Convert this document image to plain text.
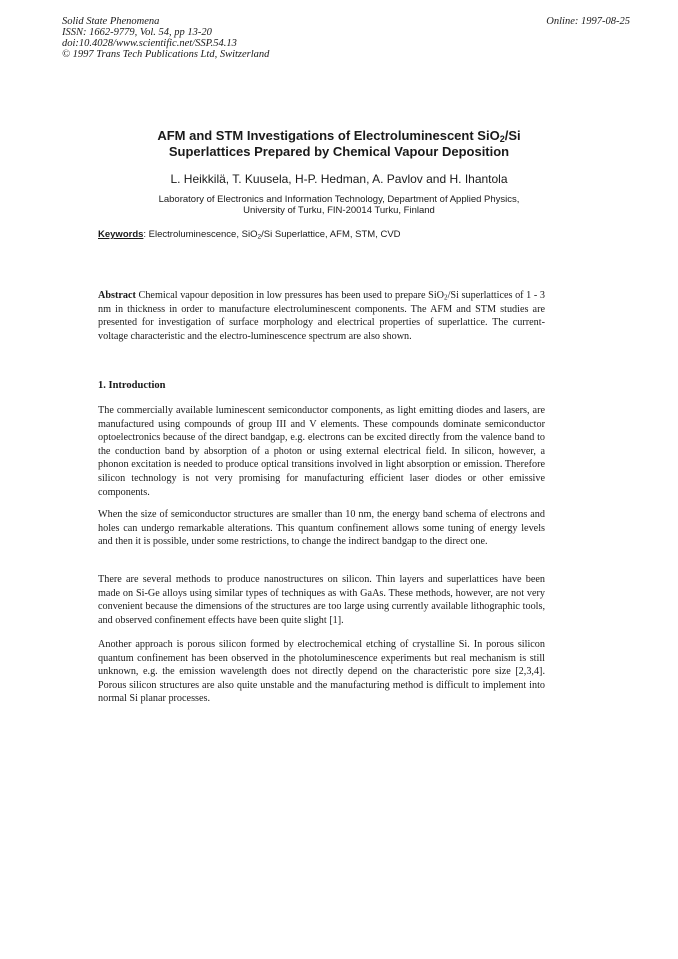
Solid State Phenomena
ISSN: 1662-9779, Vol. 54, pp 13-20
doi:10.4028/www.scientific.net/SSP.54.13
© 1997 Trans Tech Publications Ltd, Switzerland
Online: 1997-08-25
AFM and STM Investigations of Electroluminescent SiO$_2$/Si
Superlattices Prepared by Chemical Vapour Deposition
L. Heikkilä, T. Kuusela, H-P. Hedman, A. Pavlov and H. Ihantola
Laboratory of Electronics and Information Technology, Department of Applied Physics,
University of Turku, FIN-20014 Turku, Finland
Keywords: Electroluminescence, SiO$_2$/Si Superlattice, AFM, STM, CVD
Abstract Chemical vapour deposition in low pressures has been used to prepare SiO$_2$/Si superlattices of 1 - 3 nm in thickness in order to manufacture electroluminescent components. The AFM and STM studies are presented for investigation of surface morphology and electrical properties of superlattice. The current-voltage characteristic and the electro-luminescence spectrum are also shown.
1. Introduction
The commercially available luminescent semiconductor components, as light emitting diodes and lasers, are manufactured using compounds of group III and V elements. These compounds dominate semiconductor optoelectronics because of the direct bandgap, e.g. electrons can be excited directly from the valence band to the conduction band by absorption of a photon or using external electrical field. In silicon, however, a phonon excitation is needed to produce optical transitions involved in light absorption or emission. Therefore silicon technology is not very promising for manufacturing efficient laser diodes or other emissive components.
When the size of semiconductor structures are smaller than 10 nm, the energy band schema of electrons and holes can undergo remarkable alterations. This quantum confinement allows some tuning of energy levels and then it is possible, under some restrictions, to change the indirect bandgap to the direct one.
There are several methods to produce nanostructures on silicon. Thin layers and superlattices have been made on Si-Ge alloys using similar types of techniques as with GaAs. These methods, however, are not very convenient because the dimensions of the structures are too large using currently available lithographic tools, and observed confinement effects have been quite slight [1].
Another approach is porous silicon formed by electrochemical etching of crystalline Si. In porous silicon quantum confinement has been observed in the photoluminescence experiments but real mechanism is still unknown, e.g. the emission wavelength does not directly depend on the characteristic pore size [2,3,4]. Porous silicon structures are also quite unstable and the manufacturing method is difficult to implement into normal Si planar processes.
